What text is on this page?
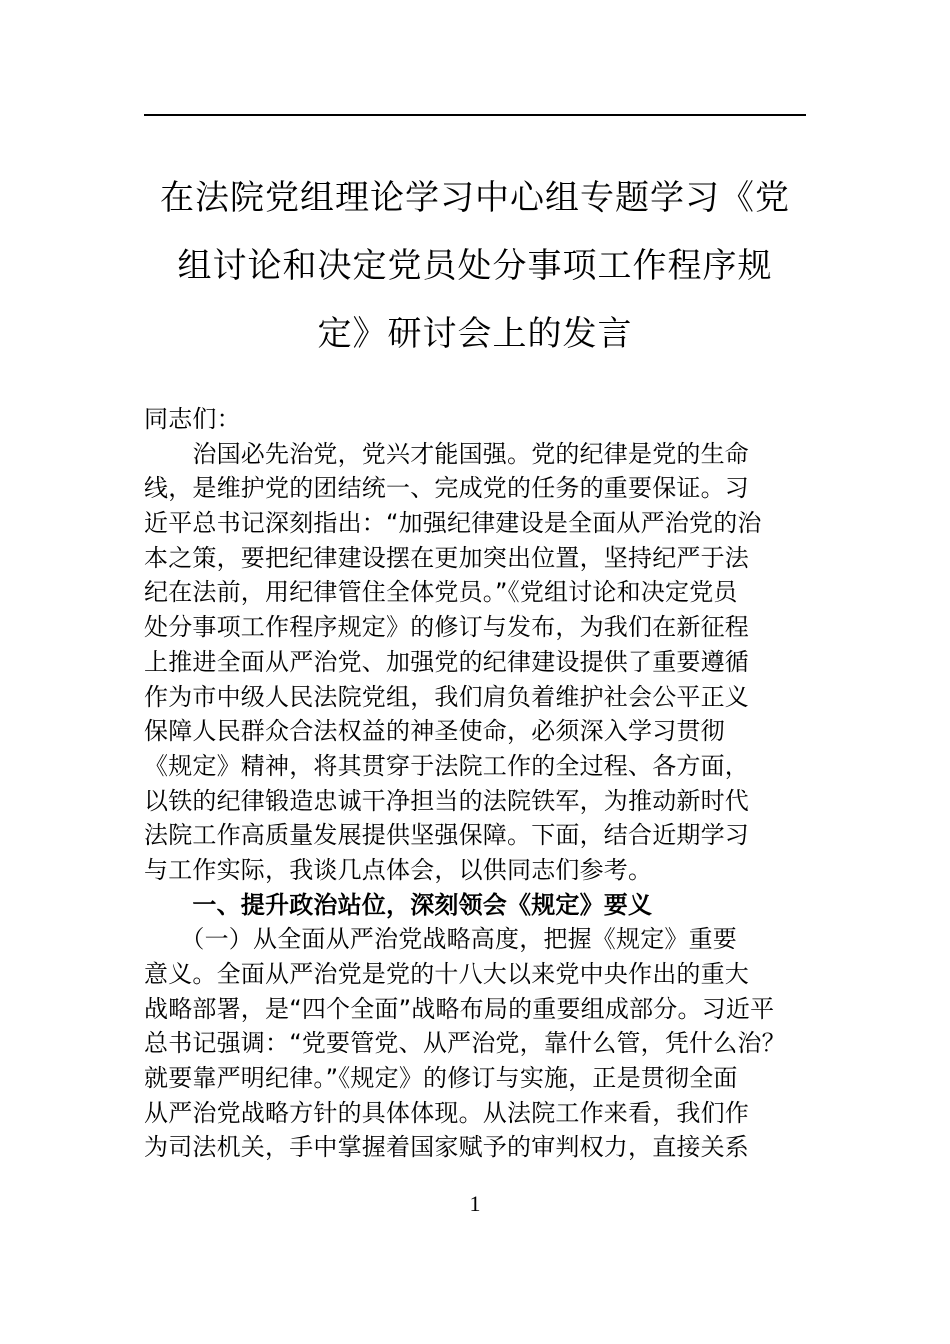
在法院党组理论学习中心组专题学习《党
组讨论和决定党员处分事项工作程序规
定》研讨会上的发言
同志们：
　　治国必先治党，党兴才能国强。党的纪律是党的生命
线，是维护党的团结统一、完成党的任务的重要保证。习
近平总书记深刻指出：“加强纪律建设是全面从严治党的治
本之策，要把纪律建设摆在更加突出位置，坚持纪严于法
纪在法前，用纪律管住全体党员。”《党组讨论和决定党员
处分事项工作程序规定》的修订与发布，为我们在新征程
上推进全面从严治党、加强党的纪律建设提供了重要遵循
作为市中级人民法院党组，我们肩负着维护社会公平正义
保障人民群众合法权益的神圣使命，必须深入学习贯彻
《规定》精神，将其贯穿于法院工作的全过程、各方面，
以铁的纪律锻造忠诚干净担当的法院铁军，为推动新时代
法院工作高质量发展提供坚强保障。下面，结合近期学习
与工作实际，我谈几点体会，以供同志们参考。
　　一、提升政治站位，深刻领会《规定》要义
　　（一）从全面从严治党战略高度，把握《规定》重要
意义。全面从严治党是党的十八大以来党中央作出的重大
战略部署，是“四个全面”战略布局的重要组成部分。习近平
总书记强调：“党要管党、从严治党，靠什么管，凭什么治？
就要靠严明纪律。”《规定》的修订与实施，正是贯彻全面
从严治党战略方针的具体体现。从法院工作来看，我们作
为司法机关，手中掌握着国家赋予的审判权力，直接关系
1
